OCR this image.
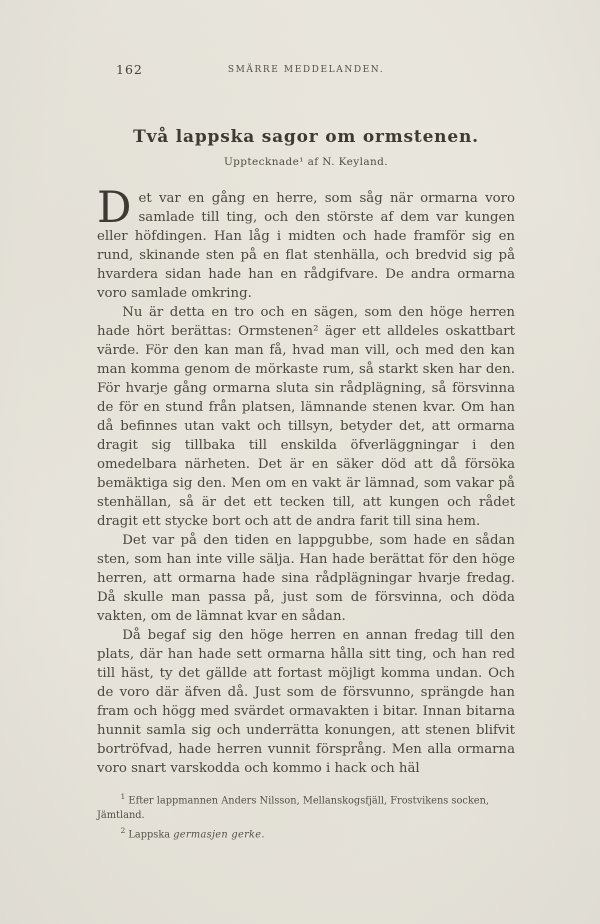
162	SMÄRRE MEDDELANDEN.
Två lappska sagor om ormstenen.
Upptecknade¹ af N. Keyland.

Det var en gång en herre, som såg när ormarna voro samlade till ting, och den störste af dem var kungen eller höfdingen. Han låg i midten och hade framför sig en rund, skinande sten på en flat stenhälla, och bredvid sig på hvardera sidan hade han en rådgifvare. De andra ormarna voro samlade omkring.

Nu är detta en tro och en sägen, som den höge herren hade hört berättas: Ormstenen² äger ett alldeles oskattbart värde. För den kan man få, hvad man vill, och med den kan man komma genom de mörkaste rum, så starkt sken har den. För hvarje gång ormarna sluta sin rådplägning, så försvinna de för en stund från platsen, lämnande stenen kvar. Om han då befinnes utan vakt och tillsyn, betyder det, att ormarna dragit sig tillbaka till enskilda öfverläggningar i den omedelbara närheten. Det är en säker död att då försöka bemäktiga sig den. Men om en vakt är lämnad, som vakar på stenhällan, så är det ett tecken till, att kungen och rådet dragit ett stycke bort och att de andra farit till sina hem.

Det var på den tiden en lappgubbe, som hade en sådan sten, som han inte ville sälja. Han hade berättat för den höge herren, att ormarna hade sina rådplägningar hvarje fredag. Då skulle man passa på, just som de försvinna, och döda vakten, om de lämnat kvar en sådan.

Då begaf sig den höge herren en annan fredag till den plats, där han hade sett ormarna hålla sitt ting, och han red till häst, ty det gällde att fortast möjligt komma undan. Och de voro där äfven då. Just som de försvunno, sprängde han fram och högg med svärdet ormavakten i bitar. Innan bitarna hunnit samla sig och underrätta konungen, att stenen blifvit bortröfvad, hade herren vunnit försprång. Men alla ormarna voro snart varskodda och kommo i hack och häl

$^1$ Efter lappmannen Anders Nilsson, Mellanskogsfjäll, Frostvikens socken, Jämtland.

$^2$ Lappska germasjen gerke.
